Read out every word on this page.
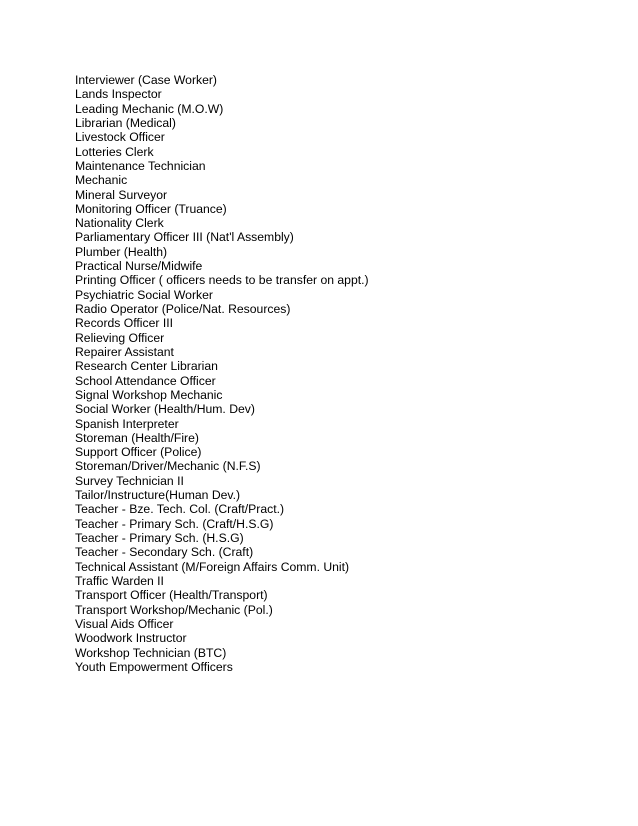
Interviewer (Case Worker)
Lands Inspector
Leading Mechanic (M.O.W)
Librarian (Medical)
Livestock Officer
Lotteries Clerk
Maintenance Technician
Mechanic
Mineral Surveyor
Monitoring Officer (Truance)
Nationality Clerk
Parliamentary Officer III (Nat'l Assembly)
Plumber (Health)
Practical Nurse/Midwife
Printing Officer ( officers needs to be transfer on appt.)
Psychiatric Social Worker
Radio Operator (Police/Nat. Resources)
Records Officer III
Relieving Officer
Repairer Assistant
Research Center Librarian
School Attendance Officer
Signal Workshop Mechanic
Social Worker (Health/Hum. Dev)
Spanish Interpreter
Storeman (Health/Fire)
Support Officer (Police)
Storeman/Driver/Mechanic (N.F.S)
Survey Technician II
Tailor/Instructure(Human Dev.)
Teacher - Bze. Tech. Col. (Craft/Pract.)
Teacher - Primary Sch. (Craft/H.S.G)
Teacher - Primary Sch. (H.S.G)
Teacher - Secondary Sch. (Craft)
Technical Assistant (M/Foreign Affairs Comm. Unit)
Traffic Warden II
Transport Officer (Health/Transport)
Transport Workshop/Mechanic (Pol.)
Visual Aids Officer
Woodwork Instructor
Workshop Technician (BTC)
Youth Empowerment Officers
